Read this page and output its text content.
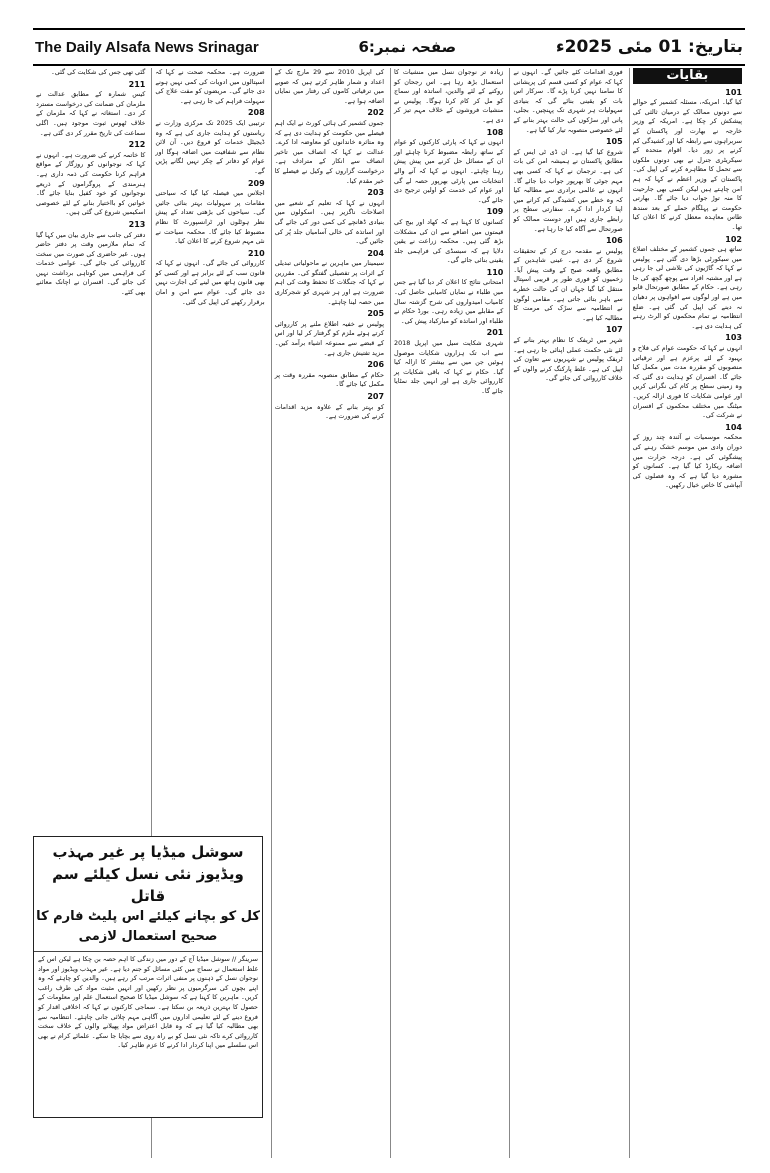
The Daily Alsafa News Srinagar	صفحہ نمبر:6	بتاریخ: 01 مئی 2025ء
بقایات
101

کیا گیا۔ امریکہ، مسئلہ کشمیر کے حوالے سے دونوں ممالک کے درمیان ثالثی کی پیشکش کر چکا ہے۔ امریکہ کے وزیر خارجہ نے بھارت اور پاکستان کے سربراہوں سے رابطہ کیا اور کشیدگی کم کرنے پر زور دیا۔ اقوام متحدہ کے سیکریٹری جنرل نے بھی دونوں ملکوں سے تحمل کا مظاہرہ کرنے کی اپیل کی۔ پاکستان کے وزیر اعظم نے کہا کہ ہم امن چاہتے ہیں لیکن کسی بھی جارحیت کا منہ توڑ جواب دیا جائے گا۔ بھارتی حکومت نے پہلگام حملے کے بعد سندھ طاس معاہدہ معطل کرنے کا اعلان کیا تھا۔

102

ساتھ ہی جموں کشمیر کے مختلف اضلاع میں سیکورٹی بڑھا دی گئی ہے۔ پولیس نے کہا کہ گاڑیوں کی تلاشی لی جا رہی ہے اور مشتبہ افراد سے پوچھ گچھ کی جا رہی ہے۔ حکام کے مطابق صورتحال قابو میں ہے اور لوگوں سے افواہوں پر دھیان نہ دینے کی اپیل کی گئی ہے۔ ضلع انتظامیہ نے تمام محکموں کو الرٹ رہنے کی ہدایت دی ہے۔

103

انہوں نے کہا کہ حکومت عوام کی فلاح و بہبود کے لئے پرعزم ہے اور ترقیاتی منصوبوں کو مقررہ مدت میں مکمل کیا جائے گا۔ افسران کو ہدایت دی گئی کہ وہ زمینی سطح پر کام کی نگرانی کریں اور عوامی شکایات کا فوری ازالہ کریں۔ میٹنگ میں مختلف محکموں کے افسران نے شرکت کی۔

104

محکمہ موسمیات نے آئندہ چند روز کے دوران وادی میں موسم خشک رہنے کی پیشگوئی کی ہے۔ درجہ حرارت میں اضافہ ریکارڈ کیا گیا ہے۔ کسانوں کو مشورہ دیا گیا ہے کہ وہ فصلوں کی آبپاشی کا خاص خیال رکھیں۔

فوری اقدامات کئے جائیں گے۔ انہوں نے کہا کہ عوام کو کسی قسم کی پریشانی کا سامنا نہیں کرنا پڑے گا۔ سرکار اس بات کو یقینی بنائے گی کہ بنیادی سہولیات ہر شہری تک پہنچیں۔ بجلی، پانی اور سڑکوں کی حالت بہتر بنانے کے لئے خصوصی منصوبہ تیار کیا گیا ہے۔

105

شروع کیا گیا ہے۔ ان ڈی ٹی ایس کے مطابق پاکستان نے ہمیشہ امن کی بات کی ہے۔ ترجمان نے کہا کہ کسی بھی مہم جوئی کا بھرپور جواب دیا جائے گا۔ انہوں نے عالمی برادری سے مطالبہ کیا کہ وہ خطے میں کشیدگی کم کرانے میں اپنا کردار ادا کرے۔ سفارتی سطح پر رابطے جاری ہیں اور دوست ممالک کو صورتحال سے آگاہ کیا جا رہا ہے۔

106

پولیس نے مقدمہ درج کر کے تحقیقات شروع کر دی ہے۔ عینی شاہدین کے مطابق واقعہ صبح کے وقت پیش آیا۔ زخمیوں کو فوری طور پر قریبی اسپتال منتقل کیا گیا جہاں ان کی حالت خطرے سے باہر بتائی جاتی ہے۔ مقامی لوگوں نے انتظامیہ سے سڑک کی مرمت کا مطالبہ کیا ہے۔

107

شہر میں ٹریفک کا نظام بہتر بنانے کے لئے نئی حکمت عملی اپنائی جا رہی ہے۔ ٹریفک پولیس نے شہریوں سے تعاون کی اپیل کی ہے۔ غلط پارکنگ کرنے والوں کے خلاف کارروائی کی جائے گی۔

زیادہ تر نوجوان نسل میں منشیات کا استعمال بڑھ رہا ہے۔ اس رجحان کو روکنے کے لئے والدین، اساتذہ اور سماج کو مل کر کام کرنا ہوگا۔ پولیس نے منشیات فروشوں کے خلاف مہم تیز کر دی ہے۔

108

انہوں نے کہا کہ پارٹی کارکنوں کو عوام کے ساتھ رابطہ مضبوط کرنا چاہئے اور ان کے مسائل حل کرنے میں پیش پیش رہنا چاہئے۔ انہوں نے کہا کہ آنے والے انتخابات میں پارٹی بھرپور حصہ لے گی اور عوام کی خدمت کو اولین ترجیح دی جائے گی۔

109

کسانوں کا کہنا ہے کہ کھاد اور بیج کی قیمتوں میں اضافے سے ان کی مشکلات بڑھ گئی ہیں۔ محکمہ زراعت نے یقین دلایا ہے کہ سبسڈی کی فراہمی جلد یقینی بنائی جائے گی۔

110

امتحانی نتائج کا اعلان کر دیا گیا ہے جس میں طلباء نے نمایاں کامیابی حاصل کی۔ کامیاب امیدواروں کی شرح گزشتہ سال کے مقابلے میں زیادہ رہی۔ بورڈ حکام نے طلباء اور اساتذہ کو مبارکباد پیش کی۔

201

شہری شکایت سیل میں اپریل 2018 سے اب تک ہزاروں شکایات موصول ہوئیں جن میں سے بیشتر کا ازالہ کیا گیا۔ حکام نے کہا کہ باقی شکایات پر کارروائی جاری ہے اور انہیں جلد نمٹایا جائے گا۔

کی اپریل 2010 سے 29 مارچ تک کے اعداد و شمار ظاہر کرتے ہیں کہ صوبے میں ترقیاتی کاموں کی رفتار میں نمایاں اضافہ ہوا ہے۔

202

جموں کشمیر کی ہائی کورٹ نے ایک اہم فیصلے میں حکومت کو ہدایت دی ہے کہ وہ متاثرہ خاندانوں کو معاوضہ ادا کرے۔ عدالت نے کہا کہ انصاف میں تاخیر انصاف سے انکار کے مترادف ہے۔ درخواست گزاروں کے وکیل نے فیصلے کا خیر مقدم کیا۔

203

انہوں نے کہا کہ تعلیم کے شعبے میں اصلاحات ناگزیر ہیں۔ اسکولوں میں بنیادی ڈھانچے کی کمی دور کی جائے گی اور اساتذہ کی خالی آسامیاں جلد پُر کی جائیں گی۔

204

سیمینار میں ماہرین نے ماحولیاتی تبدیلی کے اثرات پر تفصیلی گفتگو کی۔ مقررین نے کہا کہ جنگلات کا تحفظ وقت کی اہم ضرورت ہے اور ہر شہری کو شجرکاری میں حصہ لینا چاہئے۔

205

پولیس نے خفیہ اطلاع ملنے پر کارروائی کرتے ہوئے ملزم کو گرفتار کر لیا اور اس کے قبضے سے ممنوعہ اشیاء برآمد کیں۔ مزید تفتیش جاری ہے۔

206

حکام کے مطابق منصوبہ مقررہ وقت پر مکمل کیا جائے گا۔

207

کو بہتر بنانے کے علاوہ مزید اقدامات کرنے کی ضرورت ہے۔

ضرورت ہے۔ محکمہ صحت نے کہا کہ اسپتالوں میں ادویات کی کمی نہیں ہونے دی جائے گی۔ مریضوں کو مفت علاج کی سہولت فراہم کی جا رہی ہے۔

208

ترتیبی ایک 2025 تک مرکزی وزارت نے ریاستوں کو ہدایت جاری کی ہے کہ وہ ڈیجیٹل خدمات کو فروغ دیں۔ آن لائن نظام سے شفافیت میں اضافہ ہوگا اور عوام کو دفاتر کے چکر نہیں لگانے پڑیں گے۔

209

اجلاس میں فیصلہ کیا گیا کہ سیاحتی مقامات پر سہولیات بہتر بنائی جائیں گی۔ سیاحوں کی بڑھتی تعداد کے پیش نظر ہوٹلوں اور ٹرانسپورٹ کا نظام مضبوط کیا جائے گا۔ محکمہ سیاحت نے نئی مہم شروع کرنے کا اعلان کیا۔

210

کارروائی کی جائے گی۔ انہوں نے کہا کہ قانون سب کے لئے برابر ہے اور کسی کو بھی قانون ہاتھ میں لینے کی اجازت نہیں دی جائے گی۔ عوام سے امن و امان برقرار رکھنے کی اپیل کی گئی۔

گئی تھی جس کی شکایت کی گئی۔

211

کیس شمارہ کے مطابق عدالت نے ملزمان کی ضمانت کی درخواست مسترد کر دی۔ استغاثہ نے کہا کہ ملزمان کے خلاف ٹھوس ثبوت موجود ہیں۔ اگلی سماعت کی تاریخ مقرر کر دی گئی ہے۔

212

کا خاتمہ کرنے کی ضرورت ہے۔ انہوں نے کہا کہ نوجوانوں کو روزگار کے مواقع فراہم کرنا حکومت کی ذمہ داری ہے۔ ہنرمندی کے پروگراموں کے ذریعے نوجوانوں کو خود کفیل بنایا جائے گا۔ خواتین کو بااختیار بنانے کے لئے خصوصی اسکیمیں شروع کی گئی ہیں۔

213

دفتر کی جانب سے جاری بیان میں کہا گیا کہ تمام ملازمین وقت پر دفتر حاضر ہوں۔ غیر حاضری کی صورت میں سخت کارروائی کی جائے گی۔ عوامی خدمات کی فراہمی میں کوتاہی برداشت نہیں کی جائے گی۔ افسران نے اچانک معائنے بھی کئے۔

سوشل میڈیا پر غیر مہذب ویڈیوز نئی نسل کیلئے سم قاتل
کل کو بچانے کیلئے اس پلیٹ فارم کا صحیح استعمال لازمی
سرینگر // سوشل میڈیا آج کے دور میں زندگی کا اہم حصہ بن چکا ہے لیکن اس کے غلط استعمال نے سماج میں کئی مسائل کو جنم دیا ہے۔ غیر مہذب ویڈیوز اور مواد نوجوان نسل کے ذہنوں پر منفی اثرات مرتب کر رہے ہیں۔ والدین کو چاہئے کہ وہ اپنے بچوں کی سرگرمیوں پر نظر رکھیں اور انہیں مثبت مواد کی طرف راغب کریں۔ ماہرین کا کہنا ہے کہ سوشل میڈیا کا صحیح استعمال علم اور معلومات کے حصول کا بہترین ذریعہ بن سکتا ہے۔ سماجی کارکنوں نے کہا کہ اخلاقی اقدار کو فروغ دینے کے لئے تعلیمی اداروں میں آگاہی مہم چلائی جانی چاہئے۔ انتظامیہ سے بھی مطالبہ کیا گیا ہے کہ وہ قابل اعتراض مواد پھیلانے والوں کے خلاف سخت کارروائی کرے تاکہ نئی نسل کو بے راہ روی سے بچایا جا سکے۔ علمائے کرام نے بھی اس سلسلے میں اپنا کردار ادا کرنے کا عزم ظاہر کیا۔
